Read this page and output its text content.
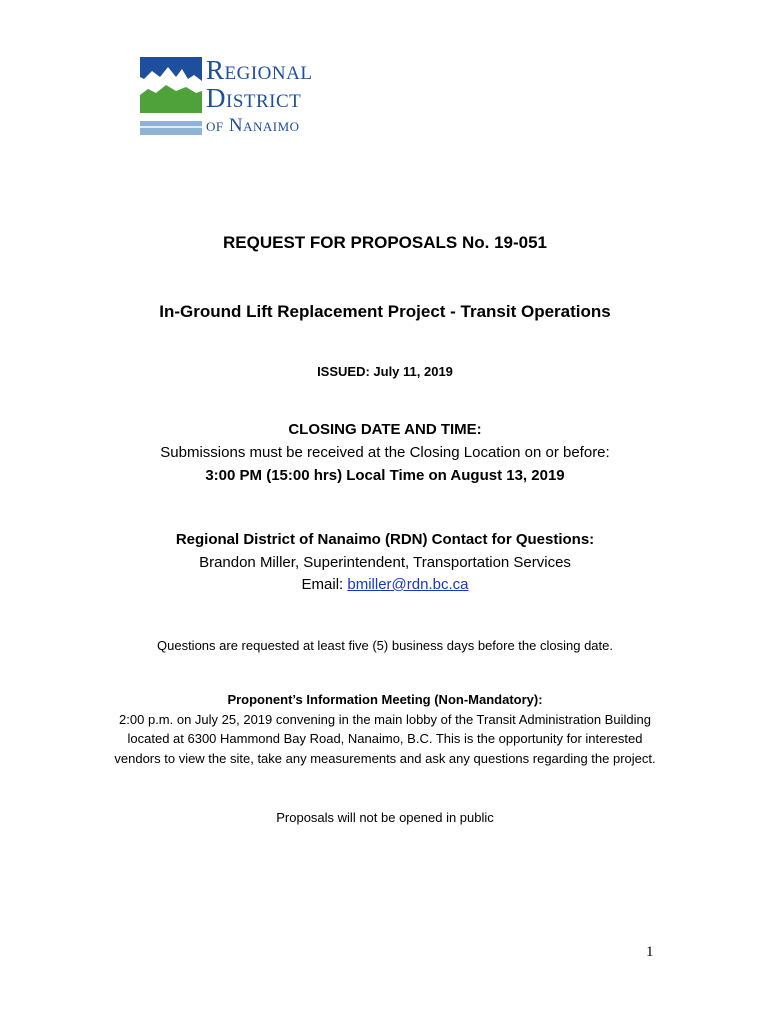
Regional
District
of Nanaimo
REQUEST FOR PROPOSALS No. 19-051
In-Ground Lift Replacement Project - Transit Operations
ISSUED: July 11, 2019
CLOSING DATE AND TIME:
Submissions must be received at the Closing Location on or before:
3:00 PM (15:00 hrs) Local Time on August 13, 2019
Regional District of Nanaimo (RDN) Contact for Questions:
Brandon Miller, Superintendent, Transportation Services
Email: bmiller@rdn.bc.ca
Questions are requested at least five (5) business days before the closing date.
Proponent’s Information Meeting (Non-Mandatory):
2:00 p.m. on July 25, 2019 convening in the main lobby of the Transit Administration Building
located at 6300 Hammond Bay Road, Nanaimo, B.C. This is the opportunity for interested
vendors to view the site, take any measurements and ask any questions regarding the project.
Proposals will not be opened in public
1
